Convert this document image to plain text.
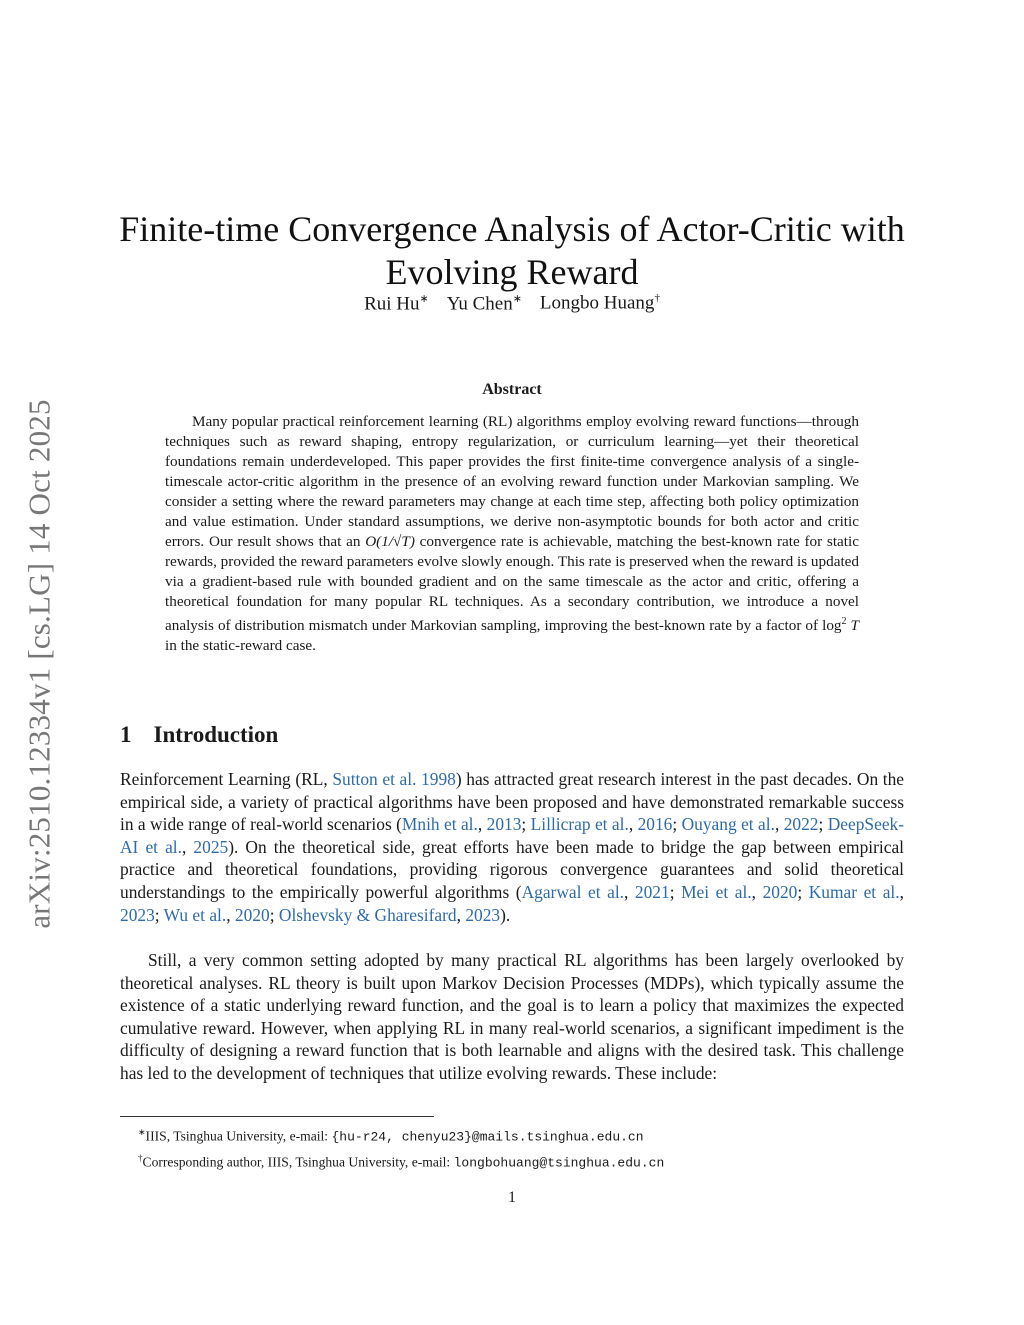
arXiv:2510.12334v1 [cs.LG] 14 Oct 2025
Finite-time Convergence Analysis of Actor-Critic with Evolving Reward
Rui Hu∗ Yu Chen∗ Longbo Huang†
Abstract

Many popular practical reinforcement learning (RL) algorithms employ evolving reward functions—through techniques such as reward shaping, entropy regularization, or curriculum learning—yet their theoretical foundations remain underdeveloped. This paper provides the first finite-time convergence analysis of a single-timescale actor-critic algorithm in the presence of an evolving reward function under Markovian sampling. We consider a setting where the reward parameters may change at each time step, affecting both policy optimization and value estimation. Under standard assumptions, we derive non-asymptotic bounds for both actor and critic errors. Our result shows that an O(1/√T) convergence rate is achievable, matching the best-known rate for static rewards, provided the reward parameters evolve slowly enough. This rate is preserved when the reward is updated via a gradient-based rule with bounded gradient and on the same timescale as the actor and critic, offering a theoretical foundation for many popular RL techniques. As a secondary contribution, we introduce a novel analysis of distribution mismatch under Markovian sampling, improving the best-known rate by a factor of $\log^2 T$ in the static-reward case.

1 Introduction

Reinforcement Learning (RL, Sutton et al. 1998) has attracted great research interest in the past decades. On the empirical side, a variety of practical algorithms have been proposed and have demonstrated remarkable success in a wide range of real-world scenarios (Mnih et al., 2013; Lillicrap et al., 2016; Ouyang et al., 2022; DeepSeek-AI et al., 2025). On the theoretical side, great efforts have been made to bridge the gap between empirical practice and theoretical foundations, providing rigorous convergence guarantees and solid theoretical understandings to the empirically powerful algorithms (Agarwal et al., 2021; Mei et al., 2020; Kumar et al., 2023; Wu et al., 2020; Olshevsky & Gharesifard, 2023).

Still, a very common setting adopted by many practical RL algorithms has been largely overlooked by theoretical analyses. RL theory is built upon Markov Decision Processes (MDPs), which typically assume the existence of a static underlying reward function, and the goal is to learn a policy that maximizes the expected cumulative reward. However, when applying RL in many real-world scenarios, a significant impediment is the difficulty of designing a reward function that is both learnable and aligns with the desired task. This challenge has led to the development of techniques that utilize evolving rewards. These include:

∗IIIS, Tsinghua University, e-mail: {hu-r24, chenyu23}@mails.tsinghua.edu.cn
†Corresponding author, IIIS, Tsinghua University, e-mail: longbohuang@tsinghua.edu.cn
1
